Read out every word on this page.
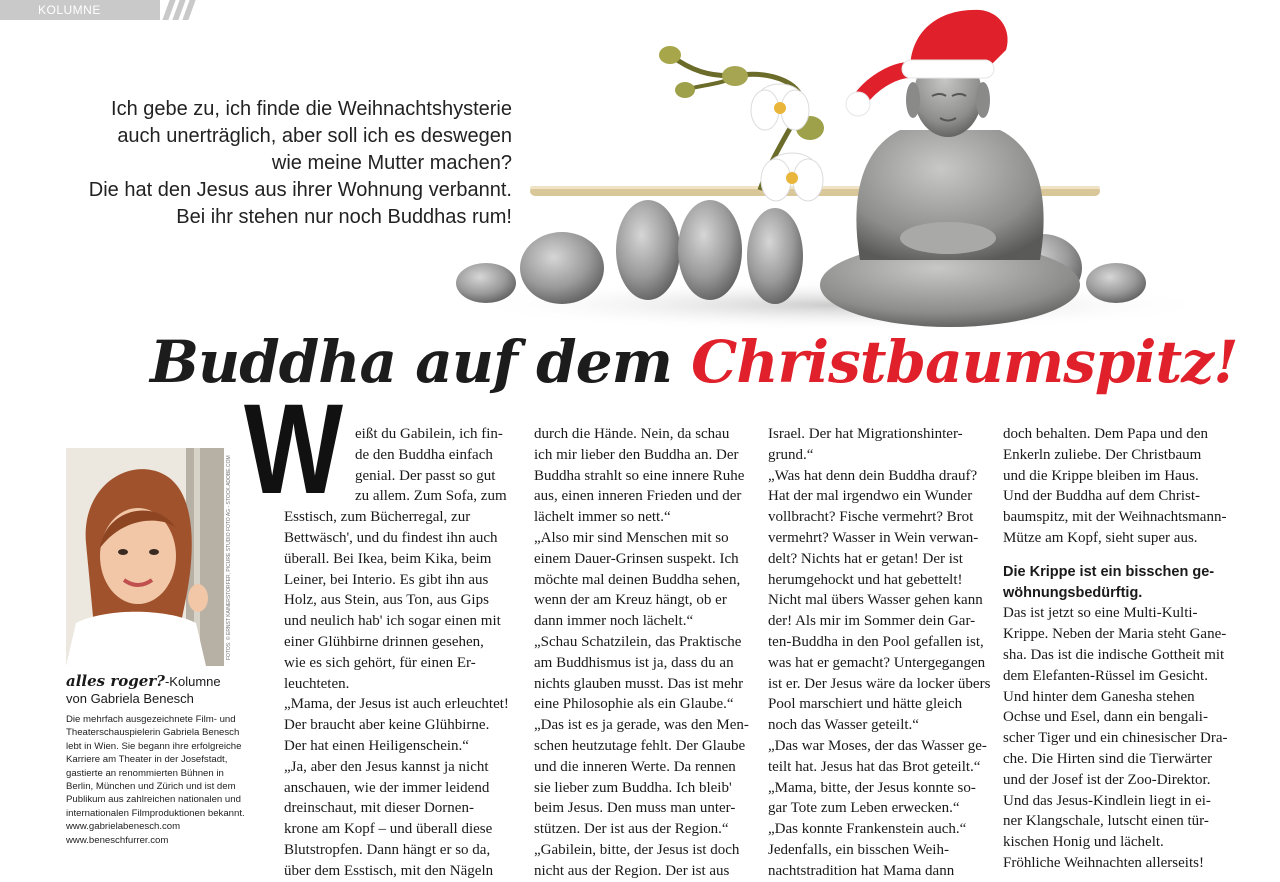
KOLUMNE

Ich gebe zu, ich finde die Weihnachtshysterie

auch unerträglich, aber soll ich es deswegen

wie meine Mutter machen?

Die hat den Jesus aus ihrer Wohnung verbannt.

Bei ihr stehen nur noch Buddhas rum!

Buddha auf dem Christbaumspitz!
FOTOS: © ERNST KAINERSTORFER, PICURE STUDIO FOTO AG - STOCK.ADOBE.COM
alles roger?-Kolumne
von Gabriela Benesch
Die mehrfach ausgezeichnete Film- und
Theaterschauspielerin Gabriela Benesch
lebt in Wien. Sie begann ihre erfolgreiche
Karriere am Theater in der Josefstadt,
gastierte an renommierten Bühnen in
Berlin, München und Zürich und ist dem
Publikum aus zahlreichen nationalen und
internationalen Filmproduktionen bekannt.
www.gabrielabenesch.com
www.beneschfurrer.com
W eißt du Gabilein, ich fin-
de den Buddha einfach
genial. Der passt so gut
zu allem. Zum Sofa, zum
Esstisch, zum Bücherregal, zur
Bettwäsch', und du findest ihn auch
überall. Bei Ikea, beim Kika, beim
Leiner, bei Interio. Es gibt ihn aus
Holz, aus Stein, aus Ton, aus Gips
und neulich hab' ich sogar einen mit
einer Glühbirne drinnen gesehen,
wie es sich gehört, für einen Er-
leuchteten.
„Mama, der Jesus ist auch erleuchtet!
Der braucht aber keine Glühbirne.
Der hat einen Heiligenschein.“
„Ja, aber den Jesus kannst ja nicht
anschauen, wie der immer leidend
dreinschaut, mit dieser Dornen-
krone am Kopf – und überall diese
Blutstropfen. Dann hängt er so da,
über dem Esstisch, mit den Nägeln
durch die Hände. Nein, da schau
ich mir lieber den Buddha an. Der
Buddha strahlt so eine innere Ruhe
aus, einen inneren Frieden und der
lächelt immer so nett.“
„Also mir sind Menschen mit so
einem Dauer-Grinsen suspekt. Ich
möchte mal deinen Buddha sehen,
wenn der am Kreuz hängt, ob er
dann immer noch lächelt.“
„Schau Schatzilein, das Praktische
am Buddhismus ist ja, dass du an
nichts glauben musst. Das ist mehr
eine Philosophie als ein Glaube.“
„Das ist es ja gerade, was den Men-
schen heutzutage fehlt. Der Glaube
und die inneren Werte. Da rennen
sie lieber zum Buddha. Ich bleib'
beim Jesus. Den muss man unter-
stützen. Der ist aus der Region.“
„Gabilein, bitte, der Jesus ist doch
nicht aus der Region. Der ist aus
Israel. Der hat Migrationshinter-
grund.“
„Was hat denn dein Buddha drauf?
Hat der mal irgendwo ein Wunder
vollbracht? Fische vermehrt? Brot
vermehrt? Wasser in Wein verwan-
delt? Nichts hat er getan! Der ist
herumgehockt und hat gebettelt!
Nicht mal übers Wasser gehen kann
der! Als mir im Sommer dein Gar-
ten-Buddha in den Pool gefallen ist,
was hat er gemacht? Untergegangen
ist er. Der Jesus wäre da locker übers
Pool marschiert und hätte gleich
noch das Wasser geteilt.“
„Das war Moses, der das Wasser ge-
teilt hat. Jesus hat das Brot geteilt.“
„Mama, bitte, der Jesus konnte so-
gar Tote zum Leben erwecken.“
„Das konnte Frankenstein auch.“
Jedenfalls, ein bisschen Weih-
nachtstradition hat Mama dann
doch behalten. Dem Papa und den
Enkerln zuliebe. Der Christbaum
und die Krippe bleiben im Haus.
Und der Buddha auf dem Christ-
baumspitz, mit der Weihnachtsmann-
Mütze am Kopf, sieht super aus.
Die Krippe ist ein bisschen ge-
wöhnungsbedürftig.
Das ist jetzt so eine Multi-Kulti-
Krippe. Neben der Maria steht Gane-
sha. Das ist die indische Gottheit mit
dem Elefanten-Rüssel im Gesicht.
Und hinter dem Ganesha stehen
Ochse und Esel, dann ein bengali-
scher Tiger und ein chinesischer Dra-
che. Die Hirten sind die Tierwärter
und der Josef ist der Zoo-Direktor.
Und das Jesus-Kindlein liegt in ei-
ner Klangschale, lutscht einen tür-
kischen Honig und lächelt.
Fröhliche Weihnachten allerseits!
